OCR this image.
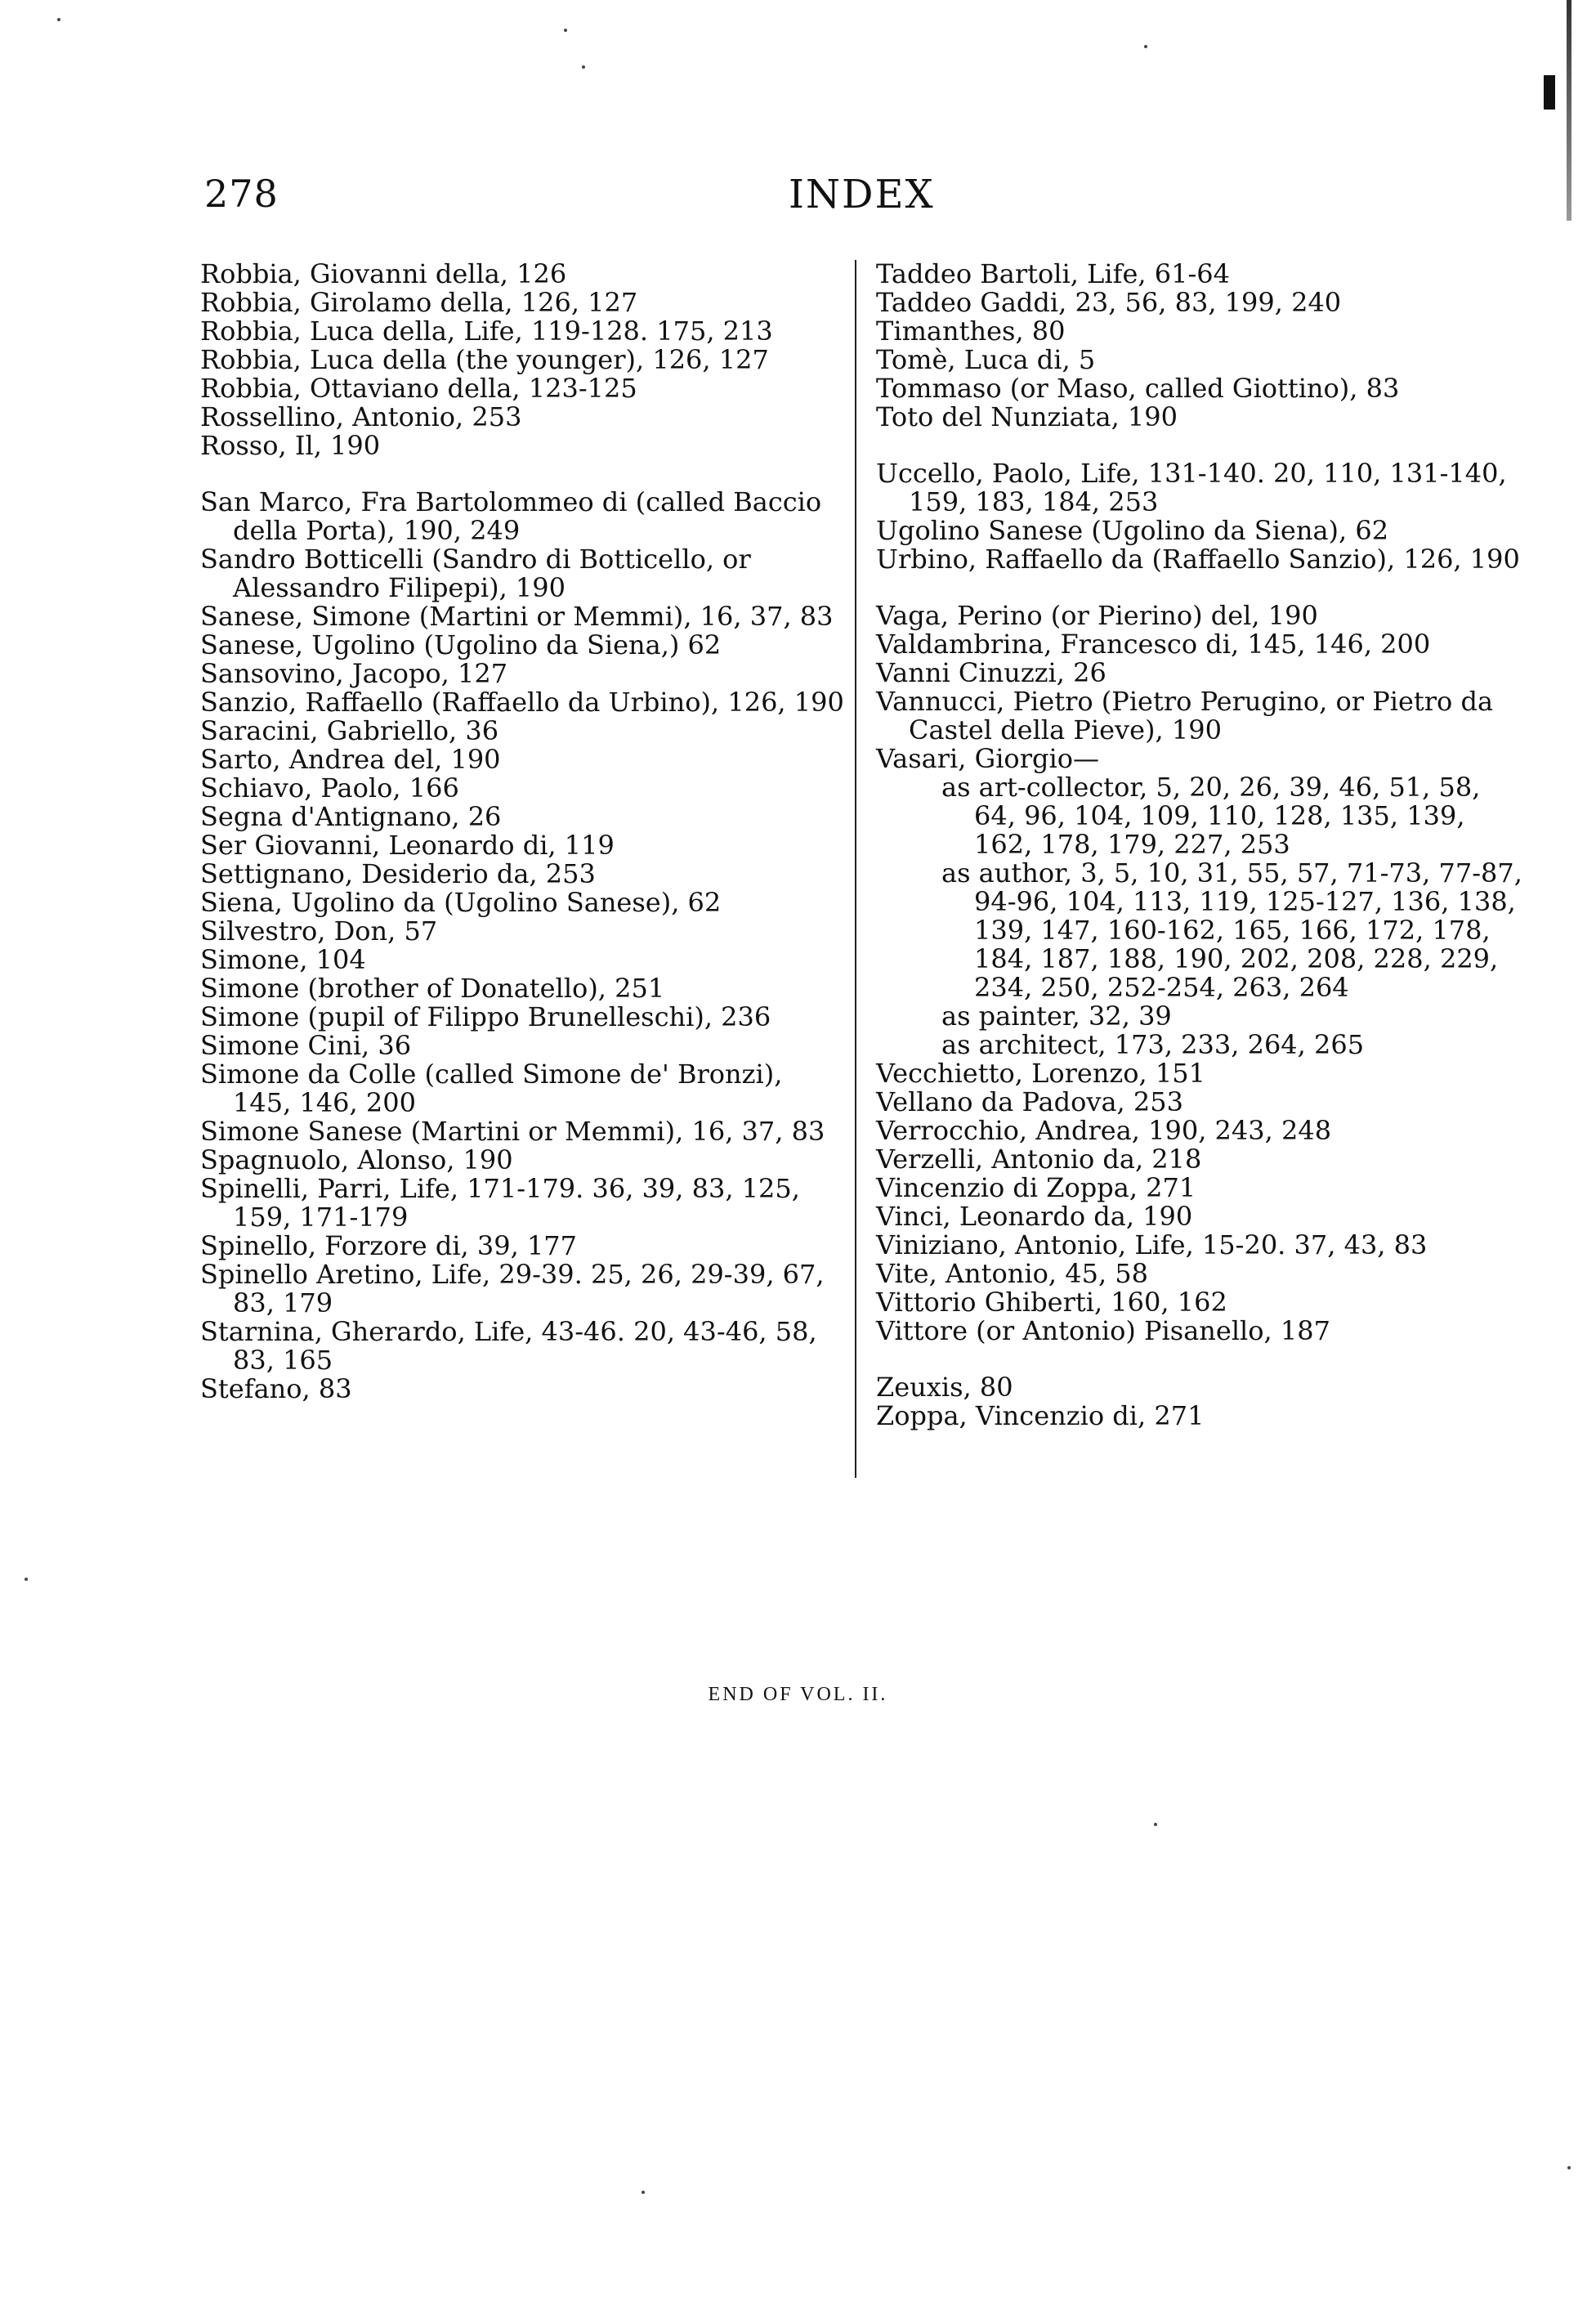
278	INDEX
Robbia, Giovanni della, 126
Robbia, Girolamo della, 126, 127
Robbia, Luca della, Life, 119-128. 175, 213
Robbia, Luca della (the younger), 126, 127
Robbia, Ottaviano della, 123-125
Rossellino, Antonio, 253
Rosso, Il, 190
San Marco, Fra Bartolommeo di (called Baccio della Porta), 190, 249
Sandro Botticelli (Sandro di Botticello, or Alessandro Filipepi), 190
Sanese, Simone (Martini or Memmi), 16, 37, 83
Sanese, Ugolino (Ugolino da Siena,) 62
Sansovino, Jacopo, 127
Sanzio, Raffaello (Raffaello da Urbino), 126, 190
Saracini, Gabriello, 36
Sarto, Andrea del, 190
Schiavo, Paolo, 166
Segna d'Antignano, 26
Ser Giovanni, Leonardo di, 119
Settignano, Desiderio da, 253
Siena, Ugolino da (Ugolino Sanese), 62
Silvestro, Don, 57
Simone, 104
Simone (brother of Donatello), 251
Simone (pupil of Filippo Brunelleschi), 236
Simone Cini, 36
Simone da Colle (called Simone de' Bronzi), 145, 146, 200
Simone Sanese (Martini or Memmi), 16, 37, 83
Spagnuolo, Alonso, 190
Spinelli, Parri, Life, 171-179. 36, 39, 83, 125, 159, 171-179
Spinello, Forzore di, 39, 177
Spinello Aretino, Life, 29-39. 25, 26, 29-39, 67, 83, 179
Starnina, Gherardo, Life, 43-46. 20, 43-46, 58, 83, 165
Stefano, 83
Taddeo Bartoli, Life, 61-64
Taddeo Gaddi, 23, 56, 83, 199, 240
Timanthes, 80
Tomè, Luca di, 5
Tommaso (or Maso, called Giottino), 83
Toto del Nunziata, 190
Uccello, Paolo, Life, 131-140. 20, 110, 131-140, 159, 183, 184, 253
Ugolino Sanese (Ugolino da Siena), 62
Urbino, Raffaello da (Raffaello Sanzio), 126, 190
Vaga, Perino (or Pierino) del, 190
Valdambrina, Francesco di, 145, 146, 200
Vanni Cinuzzi, 26
Vannucci, Pietro (Pietro Perugino, or Pietro da Castel della Pieve), 190
Vasari, Giorgio—
as art-collector, 5, 20, 26, 39, 46, 51, 58, 64, 96, 104, 109, 110, 128, 135, 139, 162, 178, 179, 227, 253
as author, 3, 5, 10, 31, 55, 57, 71-73, 77-87, 94-96, 104, 113, 119, 125-127, 136, 138, 139, 147, 160-162, 165, 166, 172, 178, 184, 187, 188, 190, 202, 208, 228, 229, 234, 250, 252-254, 263, 264
as painter, 32, 39
as architect, 173, 233, 264, 265
Vecchietto, Lorenzo, 151
Vellano da Padova, 253
Verrocchio, Andrea, 190, 243, 248
Verzelli, Antonio da, 218
Vincenzio di Zoppa, 271
Vinci, Leonardo da, 190
Viniziano, Antonio, Life, 15-20. 37, 43, 83
Vite, Antonio, 45, 58
Vittorio Ghiberti, 160, 162
Vittore (or Antonio) Pisanello, 187
Zeuxis, 80
Zoppa, Vincenzio di, 271
END OF VOL. II.
